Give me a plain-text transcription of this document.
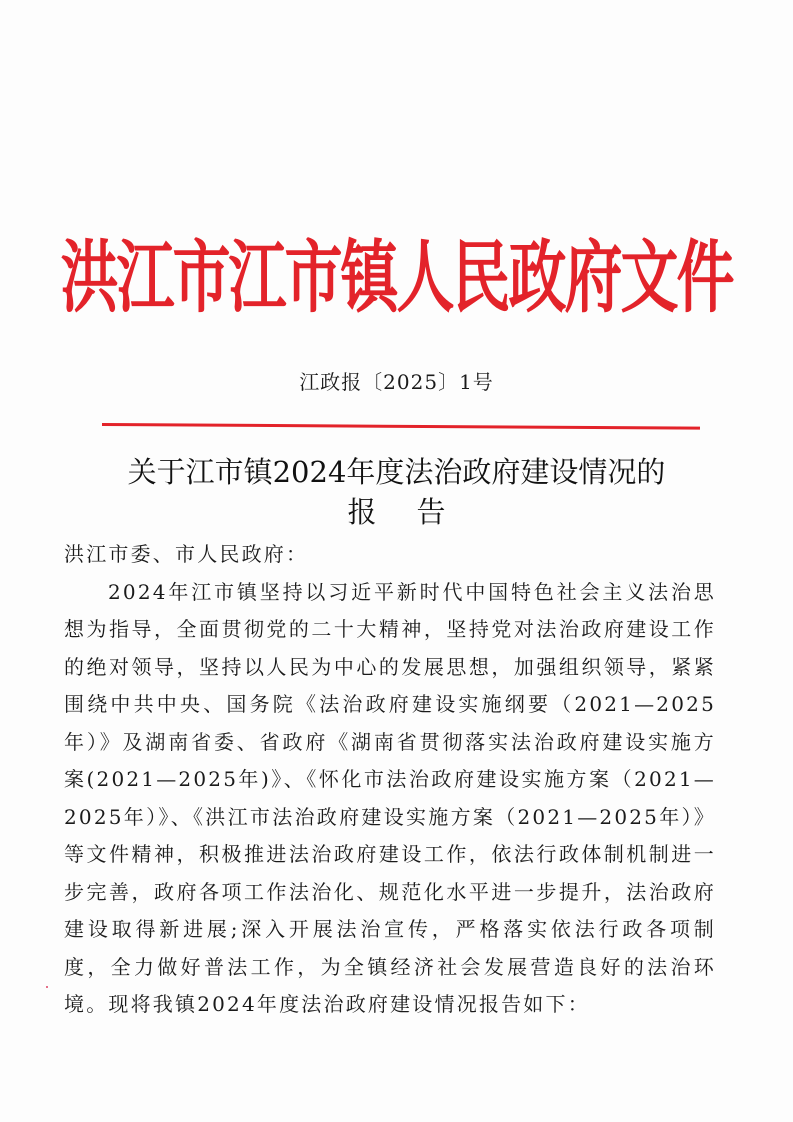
洪江市江市镇人民政府文件
江政报〔2025〕1号
关于江市镇2024年度法治政府建设情况的
报告

洪江市委、市人民政府：

2024年江市镇坚持以习近平新时代中国特色社会主义法治思想为指导，全面贯彻党的二十大精神，坚持党对法治政府建设工作的绝对领导，坚持以人民为中心的发展思想，加强组织领导，紧紧围绕中共中央、国务院《法治政府建设实施纲要（2021—2025年）》及湖南省委、省政府《湖南省贯彻落实法治政府建设实施方案(2021—2025年)》、《怀化市法治政府建设实施方案（2021—2025年）》、《洪江市法治政府建设实施方案（2021—2025年）》等文件精神，积极推进法治政府建设工作，依法行政体制机制进一步完善，政府各项工作法治化、规范化水平进一步提升，法治政府建设取得新进展;深入开展法治宣传，严格落实依法行政各项制度，全力做好普法工作，为全镇经济社会发展营造良好的法治环境。现将我镇2024年度法治政府建设情况报告如下：
